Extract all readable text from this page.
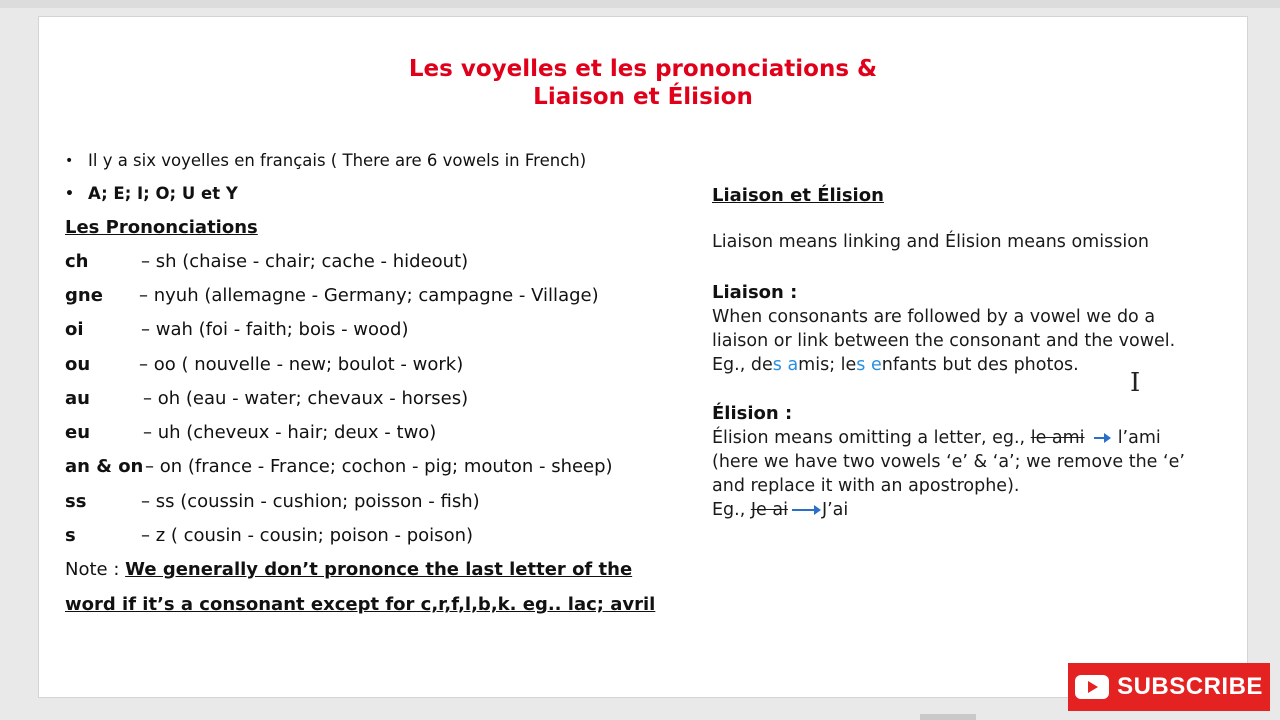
Les voyelles et les prononciations &
Liaison et Élision
• Il y a six voyelles en français ( There are 6 vowels in French)
• A; E; I; O; U et Y
Les Prononciations
ch	– sh (chaise - chair; cache - hideout)
gne – nyuh (allemagne - Germany; campagne - Village)
oi	– wah (foi - faith; bois - wood)
ou	– oo ( nouvelle - new; boulot - work)
au	– oh (eau - water; chevaux - horses)
eu	– uh (cheveux - hair; deux - two)
an & on – on (france - France; cochon - pig; mouton - sheep)
ss	– ss (coussin - cushion; poisson - fish)
s	– z ( cousin - cousin; poison - poison)
Note : We generally don’t prononce the last letter of the
word if it’s a consonant except for c,r,f,l,b,k. eg.. lac; avril
Liaison et Élision
Liaison means linking and Élision means omission
Liaison :
When consonants are followed by a vowel we do a
liaison or link between the consonant and the vowel.
Eg., des amis; les enfants but des photos.
Élision :
Élision means omitting a letter, eg., le ami l’ami
(here we have two vowels ‘e’ & ‘a’; we remove the ‘e’
and replace it with an apostrophe).
Eg., Je ai J’ai
I
SUBSCRIBE
